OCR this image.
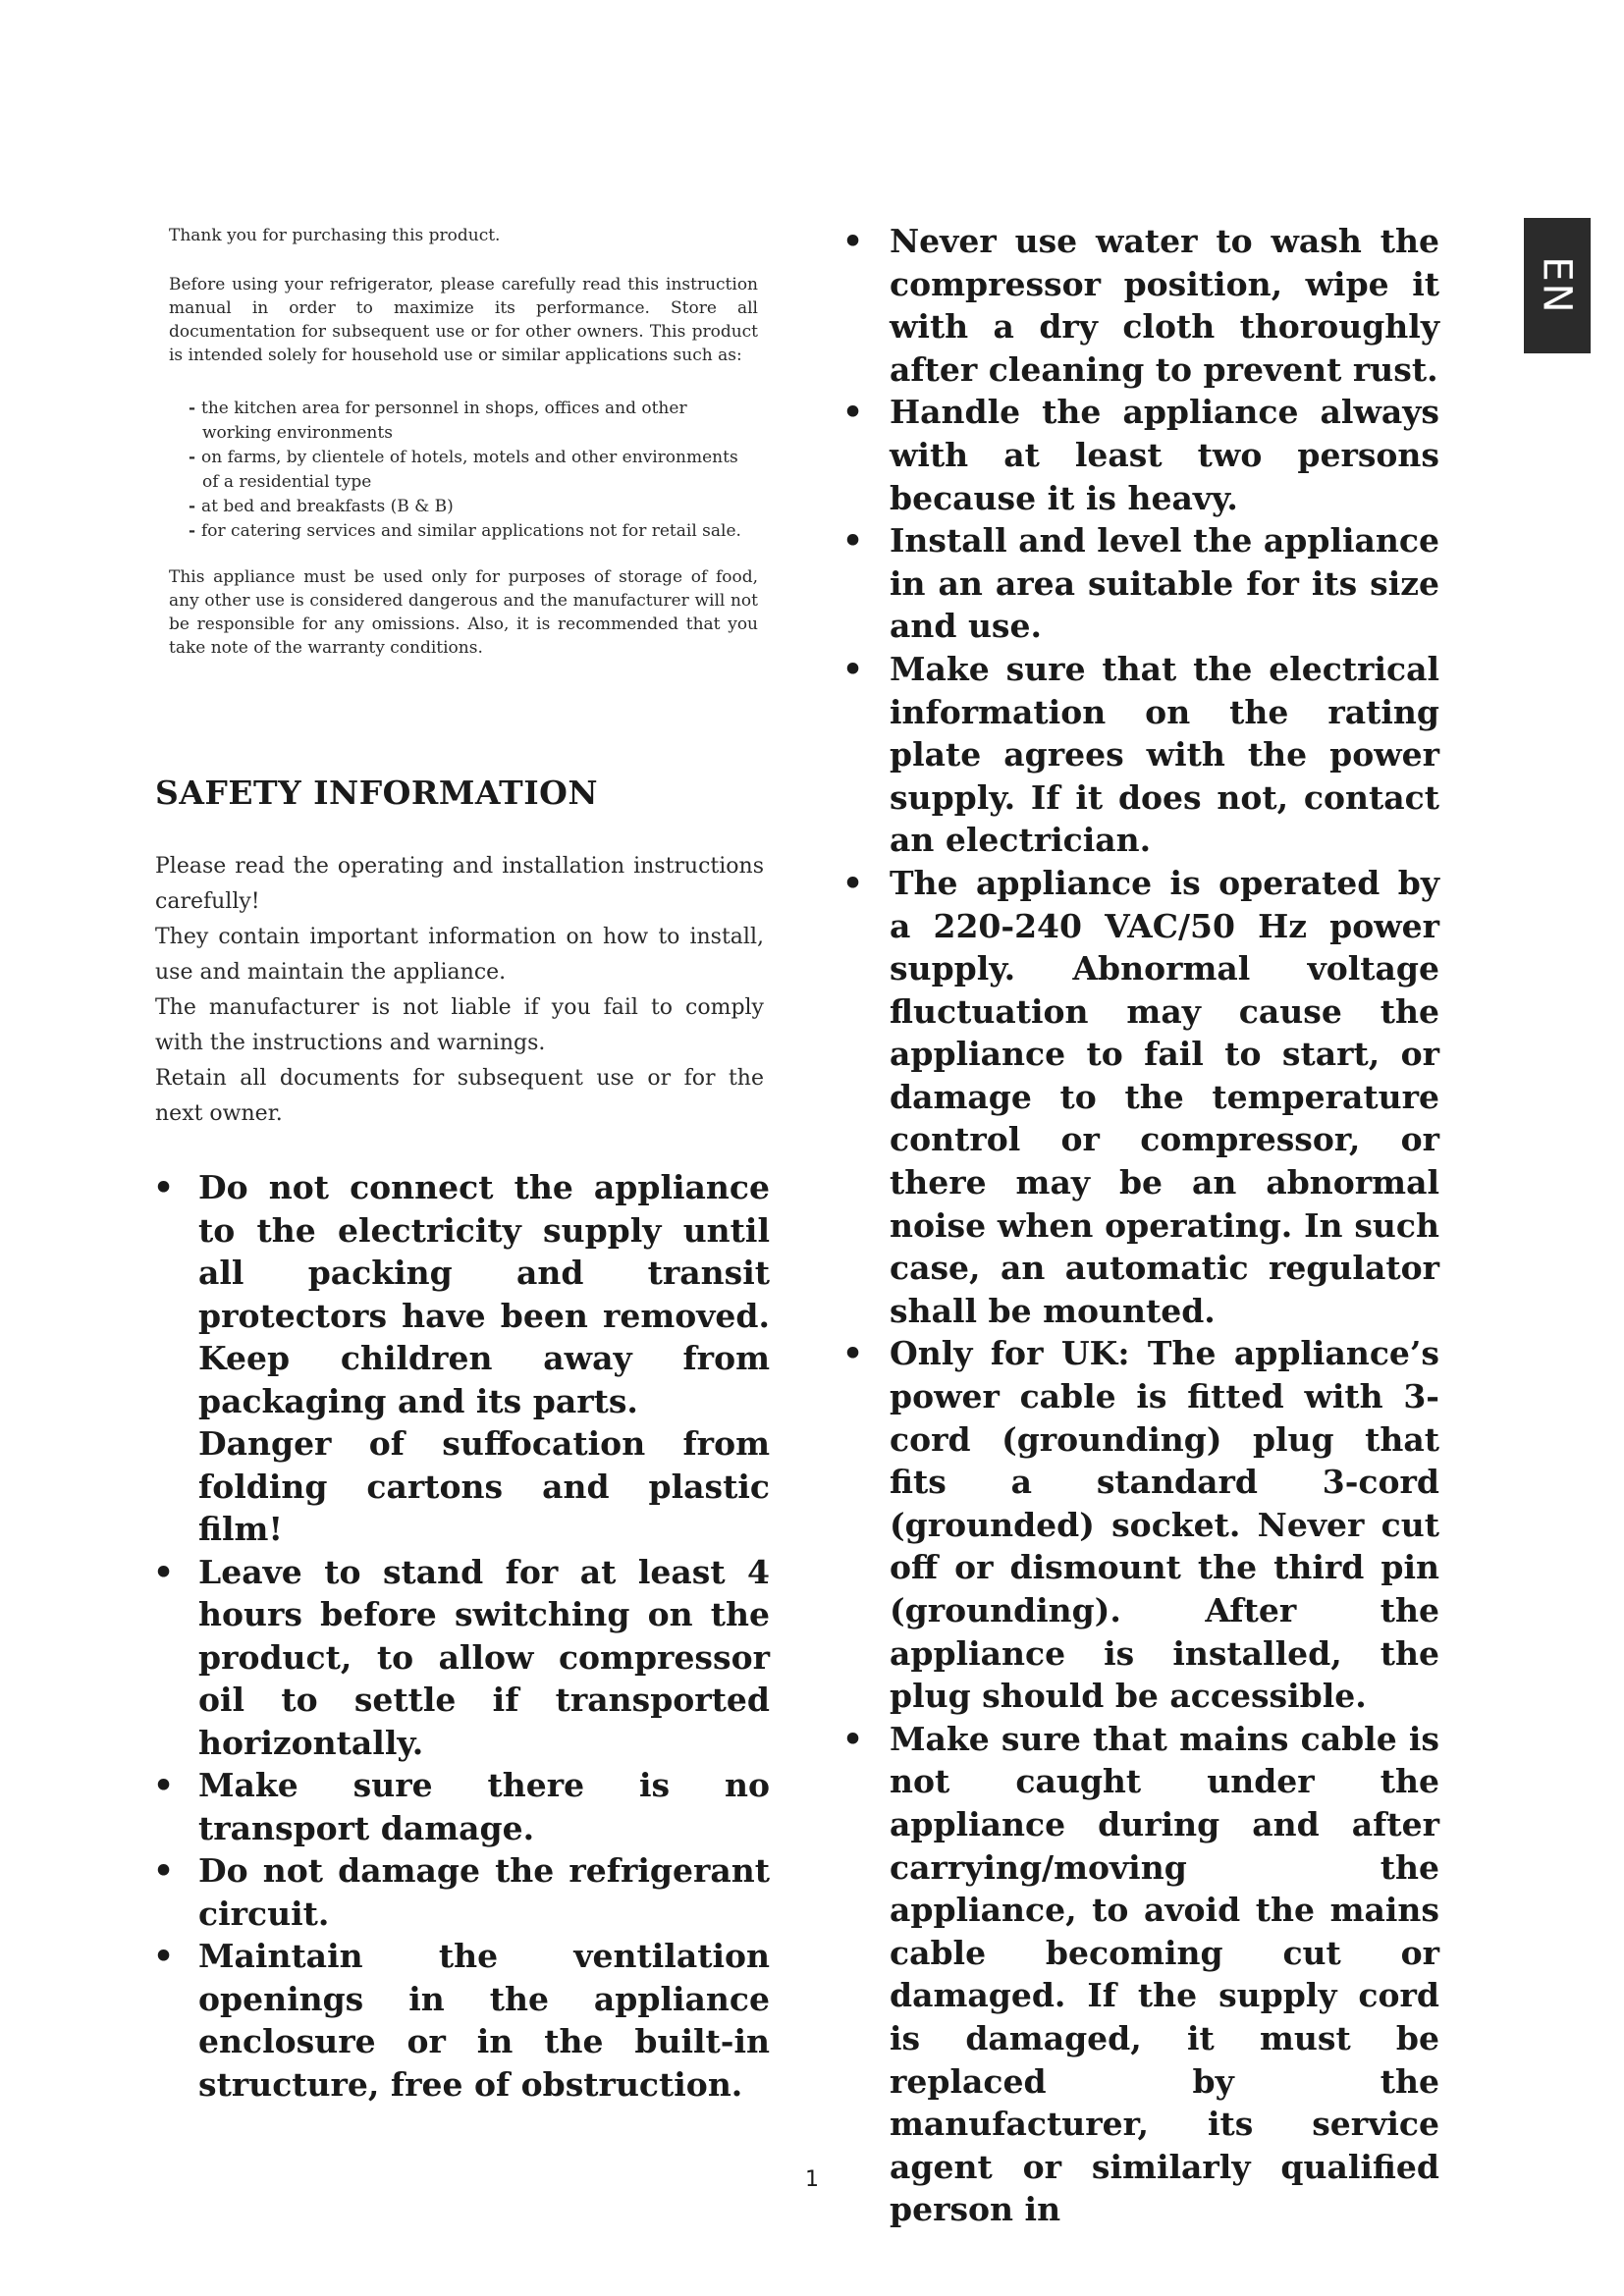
EN

Thank you for purchasing this product.

Before using your refrigerator, please carefully read this instruction manual in order to maximize its performance. Store all documentation for subsequent use or for other owners. This product is intended solely for household use or similar applications such as:

- the kitchen area for personnel in shops, offices and other working environments
- on farms, by clientele of hotels, motels and other environments of a residential type
- at bed and breakfasts (B & B)
- for catering services and similar applications not for retail sale.

This appliance must be used only for purposes of storage of food, any other use is considered dangerous and the manufacturer will not be responsible for any omissions. Also, it is recommended that you take note of the warranty conditions.

SAFETY INFORMATION

Please read the operating and installation instructions carefully!

They contain important information on how to install, use and maintain the appliance.

The manufacturer is not liable if you fail to comply with the instructions and warnings.

Retain all documents for subsequent use or for the next owner.

• Do not connect the appliance to the electricity supply until all packing and transit protectors have been removed. Keep children away from packaging and its parts.

Danger of suffocation from folding cartons and plastic film!

• Leave to stand for at least 4 hours before switching on the product, to allow compressor oil to settle if transported horizontally.

• Make sure there is no transport damage.

• Do not damage the refrigerant circuit.

• Maintain the ventilation openings in the appliance enclosure or in the built-in structure, free of obstruction.

• Never use water to wash the compressor position, wipe it with a dry cloth thoroughly after cleaning to prevent rust.

• Handle the appliance always with at least two persons because it is heavy.

• Install and level the appliance in an area suitable for its size and use.

• Make sure that the electrical information on the rating plate agrees with the power supply. If it does not, contact an electrician.

• The appliance is operated by a 220-240 VAC/50 Hz power supply. Abnormal voltage fluctuation may cause the appliance to fail to start, or damage to the temperature control or compressor, or there may be an abnormal noise when operating. In such case, an automatic regulator shall be mounted.

• Only for UK: The appliance’s power cable is fitted with 3-cord (grounding) plug that fits a standard 3-cord (grounded) socket. Never cut off or dismount the third pin (grounding). After the appliance is installed, the plug should be accessible.

• Make sure that mains cable is not caught under the appliance during and after carrying/moving the appliance, to avoid the mains cable becoming cut or damaged. If the supply cord is damaged, it must be replaced by the manufacturer, its service agent or similarly qualified person in

1
